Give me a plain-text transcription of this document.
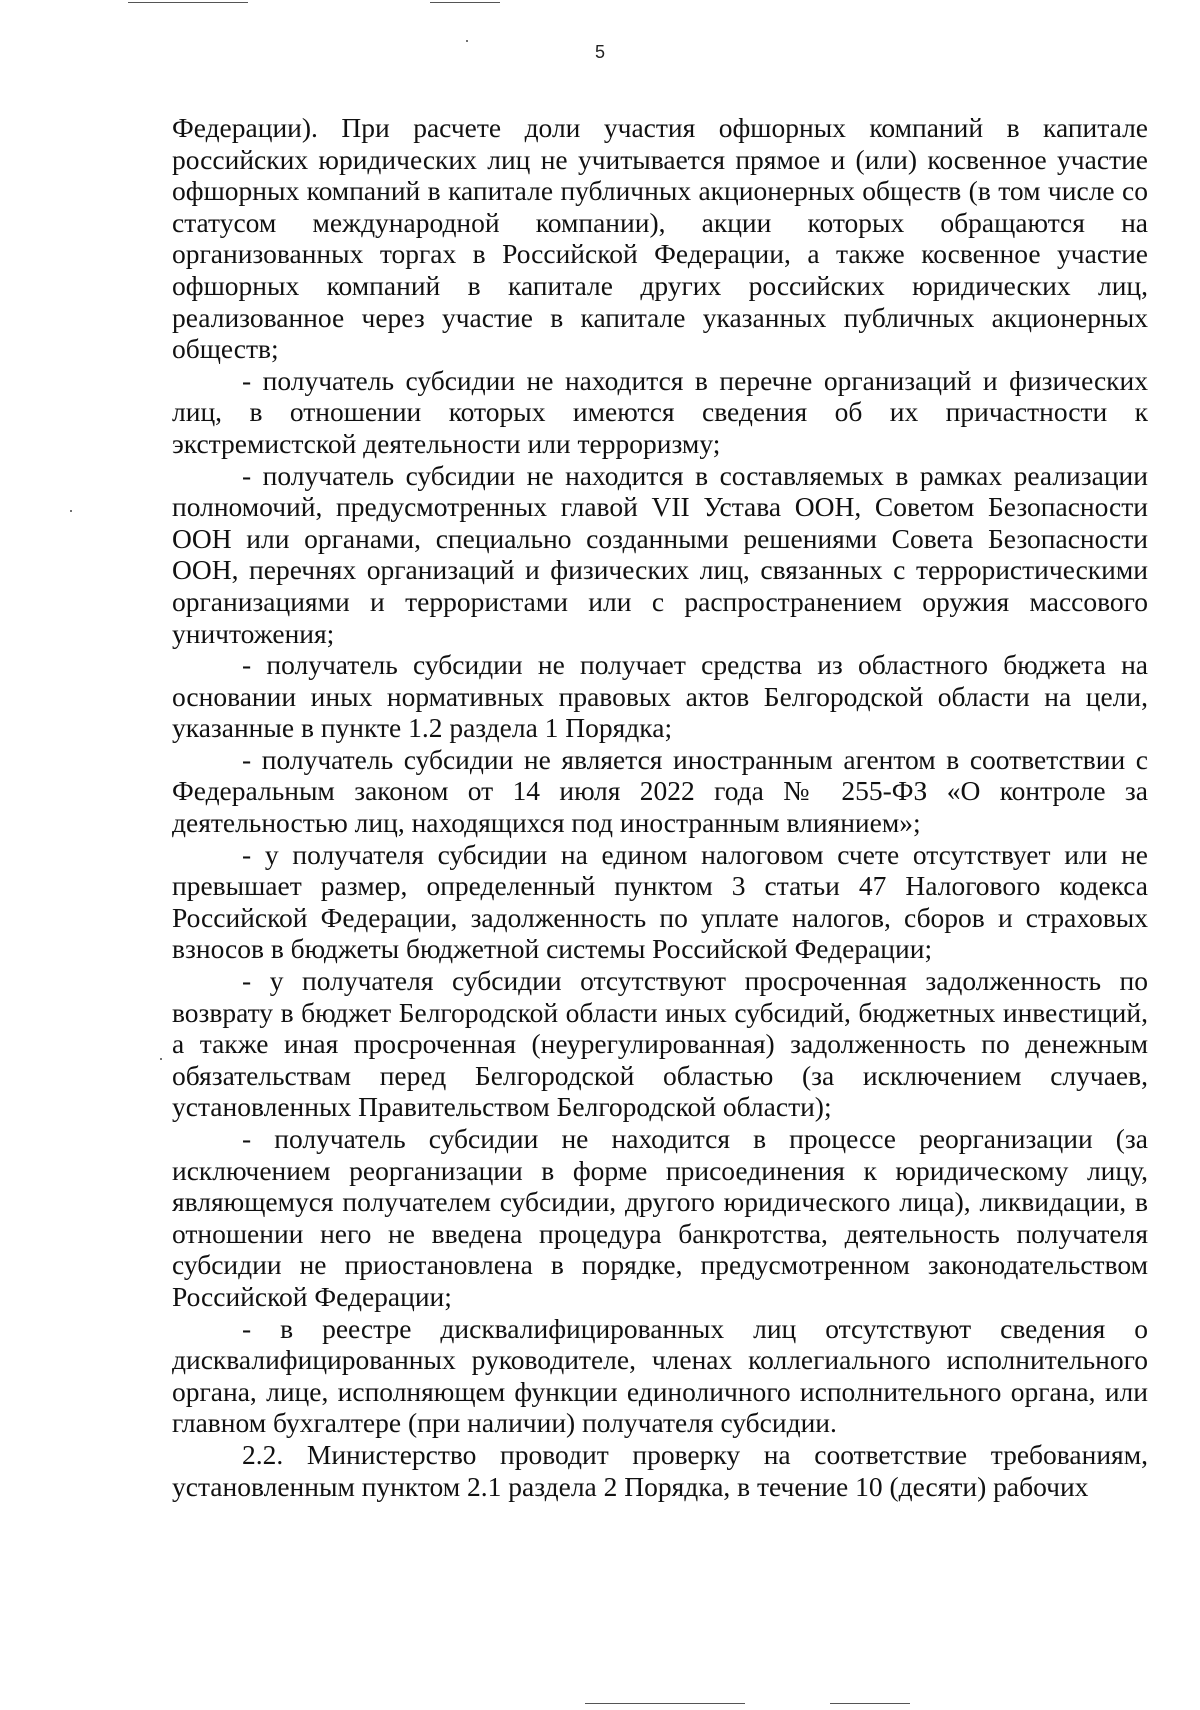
5

Федерации). При расчете доли участия офшорных компаний в капитале российских юридических лиц не учитывается прямое и (или) косвенное участие офшорных компаний в капитале публичных акционерных обществ (в том числе со статусом международной компании), акции которых обращаются на организованных торгах в Российской Федерации, а также косвенное участие офшорных компаний в капитале других российских юридических лиц, реализованное через участие в капитале указанных публичных акционерных обществ;

- получатель субсидии не находится в перечне организаций и физических лиц, в отношении которых имеются сведения об их причастности к экстремистской деятельности или терроризму;

- получатель субсидии не находится в составляемых в рамках реализации полномочий, предусмотренных главой VII Устава ООН, Советом Безопасности ООН или органами, специально созданными решениями Совета Безопасности ООН, перечнях организаций и физических лиц, связанных с террористическими организациями и террористами или с распространением оружия массового уничтожения;

- получатель субсидии не получает средства из областного бюджета на основании иных нормативных правовых актов Белгородской области на цели, указанные в пункте 1.2 раздела 1 Порядка;

- получатель субсидии не является иностранным агентом в соответствии с Федеральным законом от 14 июля 2022 года № 255-ФЗ «О контроле за деятельностью лиц, находящихся под иностранным влиянием»;

- у получателя субсидии на едином налоговом счете отсутствует или не превышает размер, определенный пунктом 3 статьи 47 Налогового кодекса Российской Федерации, задолженность по уплате налогов, сборов и страховых взносов в бюджеты бюджетной системы Российской Федерации;

- у получателя субсидии отсутствуют просроченная задолженность по возврату в бюджет Белгородской области иных субсидий, бюджетных инвестиций, а также иная просроченная (неурегулированная) задолженность по денежным обязательствам перед Белгородской областью (за исключением случаев, установленных Правительством Белгородской области);

- получатель субсидии не находится в процессе реорганизации (за исключением реорганизации в форме присоединения к юридическому лицу, являющемуся получателем субсидии, другого юридического лица), ликвидации, в отношении него не введена процедура банкротства, деятельность получателя субсидии не приостановлена в порядке, предусмотренном законодательством Российской Федерации;

- в реестре дисквалифицированных лиц отсутствуют сведения о дисквалифицированных руководителе, членах коллегиального исполнительного органа, лице, исполняющем функции единоличного исполнительного органа, или главном бухгалтере (при наличии) получателя субсидии.

2.2. Министерство проводит проверку на соответствие требованиям, установленным пунктом 2.1 раздела 2 Порядка, в течение 10 (десяти) рабочих
